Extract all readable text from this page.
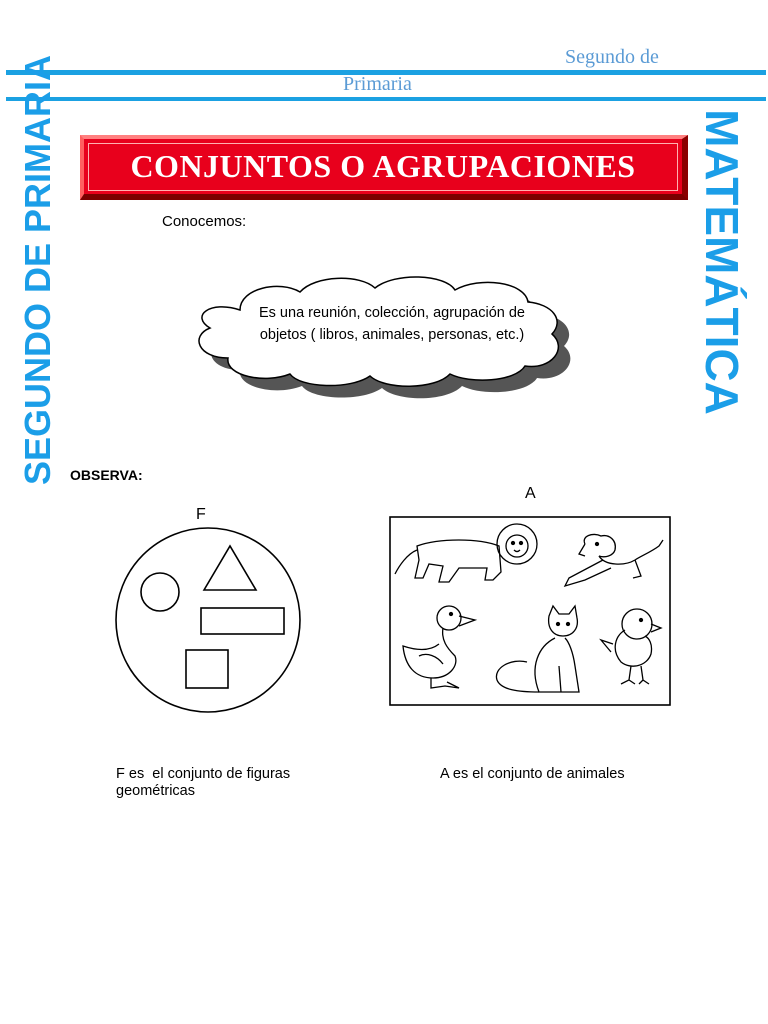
Segundo de
Primaria
SEGUNDO DE PRIMARIA	MATEMÁTICA
CONJUNTOS O AGRUPACIONES
Conocemos:
Es una reunión, colección, agrupación de
objetos ( libros, animales, personas, etc.)
OBSERVA:
F
A
F es  el conjunto de figuras
geométricas
A es el conjunto de animales
